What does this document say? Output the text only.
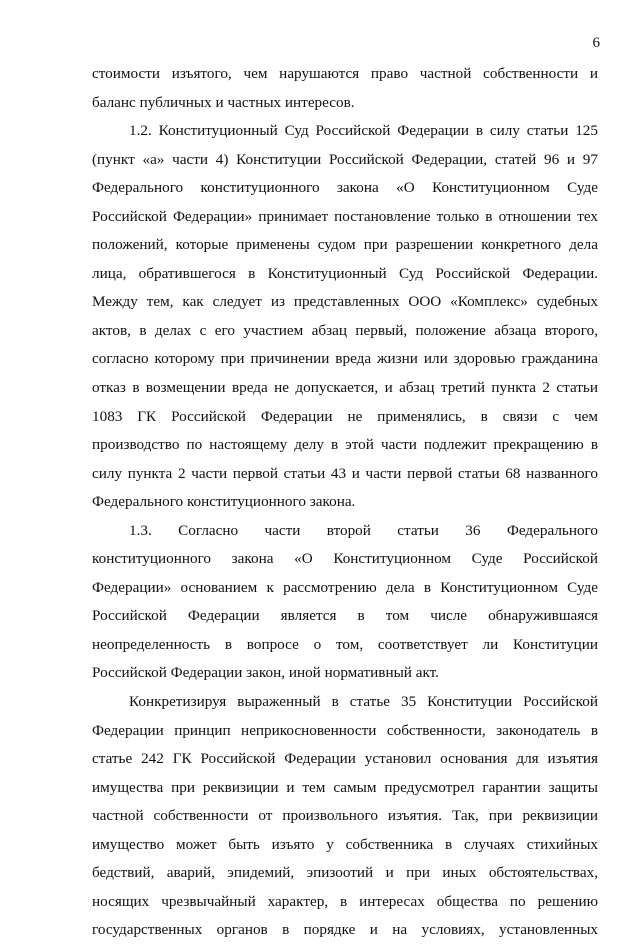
6
стоимости изъятого, чем нарушаются право частной собственности и
баланс публичных и частных интересов.
1.2. Конституционный Суд Российской Федерации в силу статьи 125
(пункт «а» части 4) Конституции Российской Федерации, статей 96 и 97
Федерального конституционного закона «О Конституционном Суде
Российской Федерации» принимает постановление только в отношении тех
положений, которые применены судом при разрешении конкретного дела
лица, обратившегося в Конституционный Суд Российской Федерации.
Между тем, как следует из представленных ООО «Комплекс» судебных
актов, в делах с его участием абзац первый, положение абзаца второго,
согласно которому при причинении вреда жизни или здоровью гражданина
отказ в возмещении вреда не допускается, и абзац третий пункта 2 статьи
1083 ГК Российской Федерации не применялись, в связи с чем
производство по настоящему делу в этой части подлежит прекращению в
силу пункта 2 части первой статьи 43 и части первой статьи 68 названного
Федерального конституционного закона.
1.3. Согласно части второй статьи 36 Федерального
конституционного закона «О Конституционном Суде Российской
Федерации» основанием к рассмотрению дела в Конституционном Суде
Российской Федерации является в том числе обнаружившаяся
неопределенность в вопросе о том, соответствует ли Конституции
Российской Федерации закон, иной нормативный акт.
Конкретизируя выраженный в статье 35 Конституции Российской
Федерации принцип неприкосновенности собственности, законодатель в
статье 242 ГК Российской Федерации установил основания для изъятия
имущества при реквизиции и тем самым предусмотрел гарантии защиты
частной собственности от произвольного изъятия. Так, при реквизиции
имущество может быть изъято у собственника в случаях стихийных
бедствий, аварий, эпидемий, эпизоотий и при иных обстоятельствах,
носящих чрезвычайный характер, в интересах общества по решению
государственных органов в порядке и на условиях, установленных
